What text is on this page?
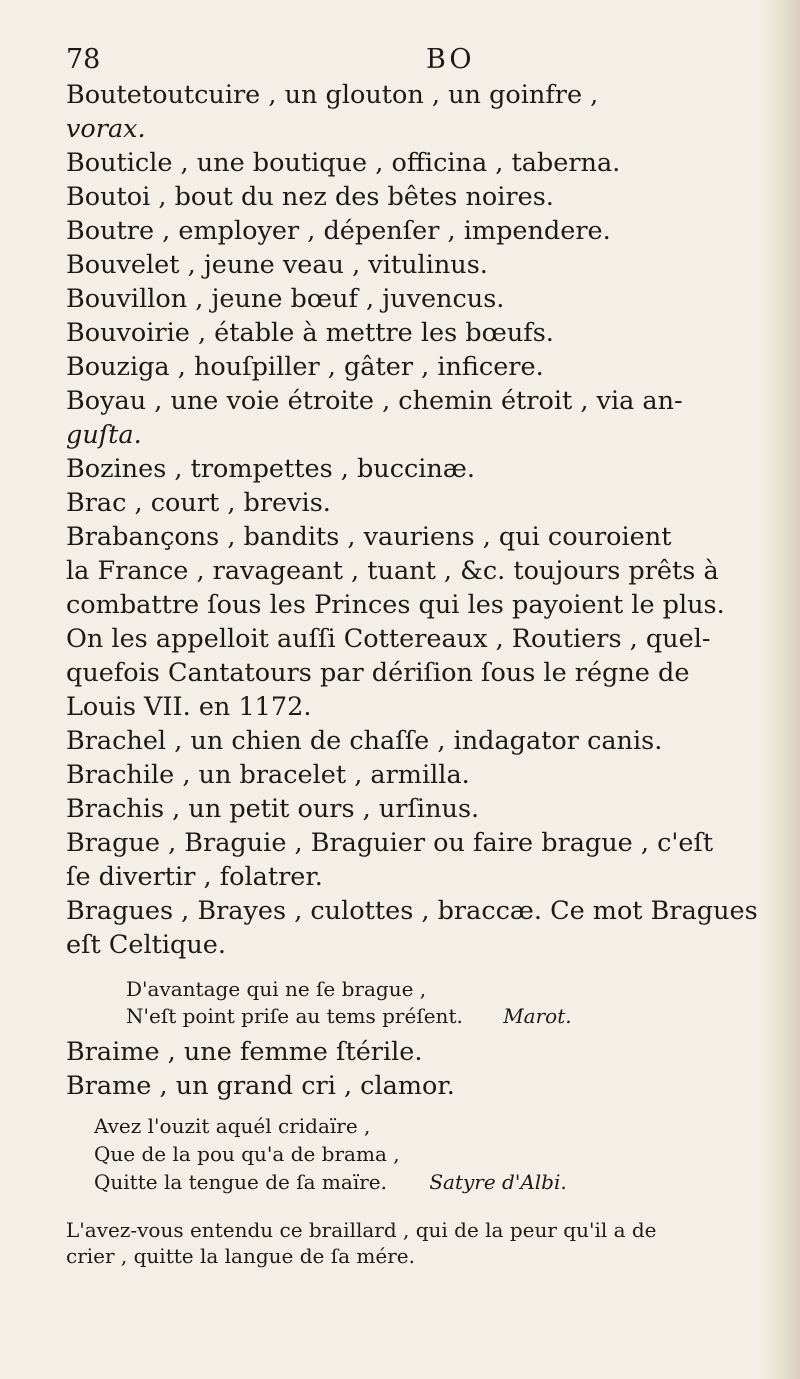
78	BO

Boutetoutcuire , un glouton , un goinfre ,

vorax.

Bouticle , une boutique , officina , taberna.

Boutoi , bout du nez des bêtes noires.

Boutre , employer , dépenſer , impendere.

Bouvelet , jeune veau , vitulinus.

Bouvillon , jeune bœuf , juvencus.

Bouvoirie , étable à mettre les bœufs.

Bouziga , houſpiller , gâter , inficere.

Boyau , une voie étroite , chemin étroit , via an-

guſta.

Bozines , trompettes , buccinæ.

Brac , court , brevis.

Brabançons , bandits , vauriens , qui couroient

la France , ravageant , tuant , &c. toujours prêts à

combattre ſous les Princes qui les payoient le plus.

On les appelloit auſſi Cottereaux , Routiers , quel-

quefois Cantatours par dériſion ſous le régne de

Louis VII. en 1172.

Brachel , un chien de chaſſe , indagator canis.

Brachile , un bracelet , armilla.

Brachis , un petit ours , urſinus.

Brague , Braguie , Braguier ou faire brague , c'eſt

ſe divertir , folatrer.

Bragues , Brayes , culottes , braccæ. Ce mot Bragues

eſt Celtique.

D'avantage qui ne ſe brague ,
N'eſt point priſe au tems préſent. Marot.

Braime , une femme ſtérile.

Brame , un grand cri , clamor.

Avez l'ouzit aquél cridaïre ,
Que de la pou qu'a de brama ,
Quitte la tengue de ſa maïre. Satyre d'Albi.
L'avez-vous entendu ce braillard , qui de la peur qu'il a de
crier , quitte la langue de ſa mére.
